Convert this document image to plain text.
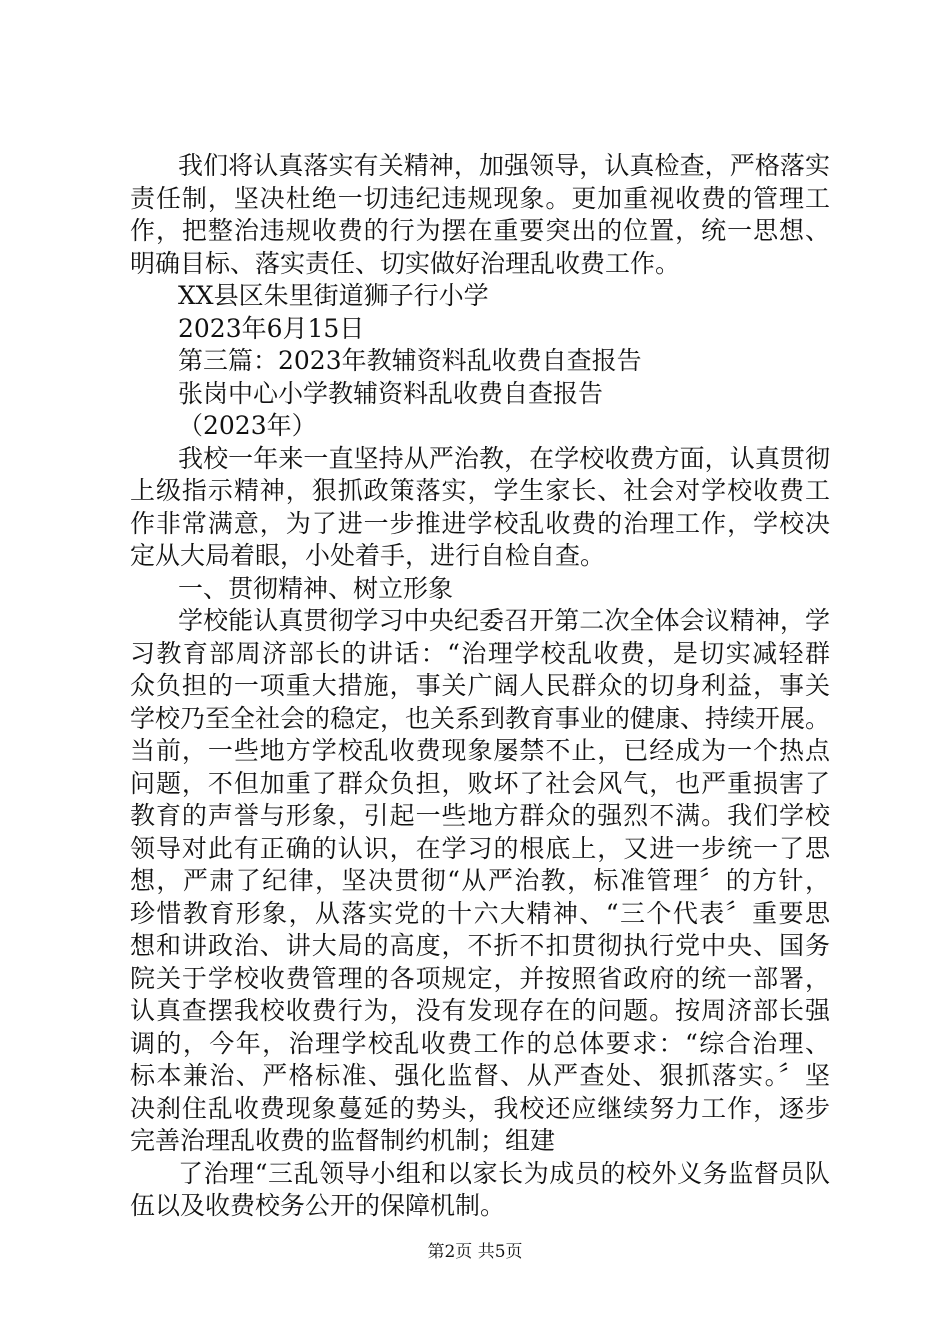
我们将认真落实有关精神，加强领导，认真检查，严格落实

责任制，坚决杜绝一切违纪违规现象。更加重视收费的管理工

作，把整治违规收费的行为摆在重要突出的位置，统一思想、

明确目标、落实责任、切实做好治理乱收费工作。

XX县区朱里街道狮子行小学

2023年6月15日

第三篇：2023年教辅资料乱收费自查报告

张岗中心小学教辅资料乱收费自查报告

（2023年）

我校一年来一直坚持从严治教，在学校收费方面，认真贯彻

上级指示精神，狠抓政策落实，学生家长、社会对学校收费工

作非常满意，为了进一步推进学校乱收费的治理工作，学校决

定从大局着眼，小处着手，进行自检自查。

一、贯彻精神、树立形象

学校能认真贯彻学习中央纪委召开第二次全体会议精神，学

习教育部周济部长的讲话：“治理学校乱收费，是切实减轻群

众负担的一项重大措施，事关广阔人民群众的切身利益，事关

学校乃至全社会的稳定，也关系到教育事业的健康、持续开展。

当前，一些地方学校乱收费现象屡禁不止，已经成为一个热点

问题，不但加重了群众负担，败坏了社会风气，也严重损害了

教育的声誉与形象，引起一些地方群众的强烈不满。我们学校

领导对此有正确的认识，在学习的根底上，又进一步统一了思

想，严肃了纪律，坚决贯彻“从严治教，标准管理〞的方针，

珍惜教育形象，从落实党的十六大精神、“三个代表〞重要思

想和讲政治、讲大局的高度，不折不扣贯彻执行党中央、国务

院关于学校收费管理的各项规定，并按照省政府的统一部署，

认真查摆我校收费行为，没有发现存在的问题。按周济部长强

调的，今年，治理学校乱收费工作的总体要求：“综合治理、

标本兼治、严格标准、强化监督、从严查处、狠抓落实。〞坚

决刹住乱收费现象蔓延的势头，我校还应继续努力工作，逐步

完善治理乱收费的监督制约机制；组建

了治理“三乱领导小组和以家长为成员的校外义务监督员队

伍以及收费校务公开的保障机制。

第2页 共5页
